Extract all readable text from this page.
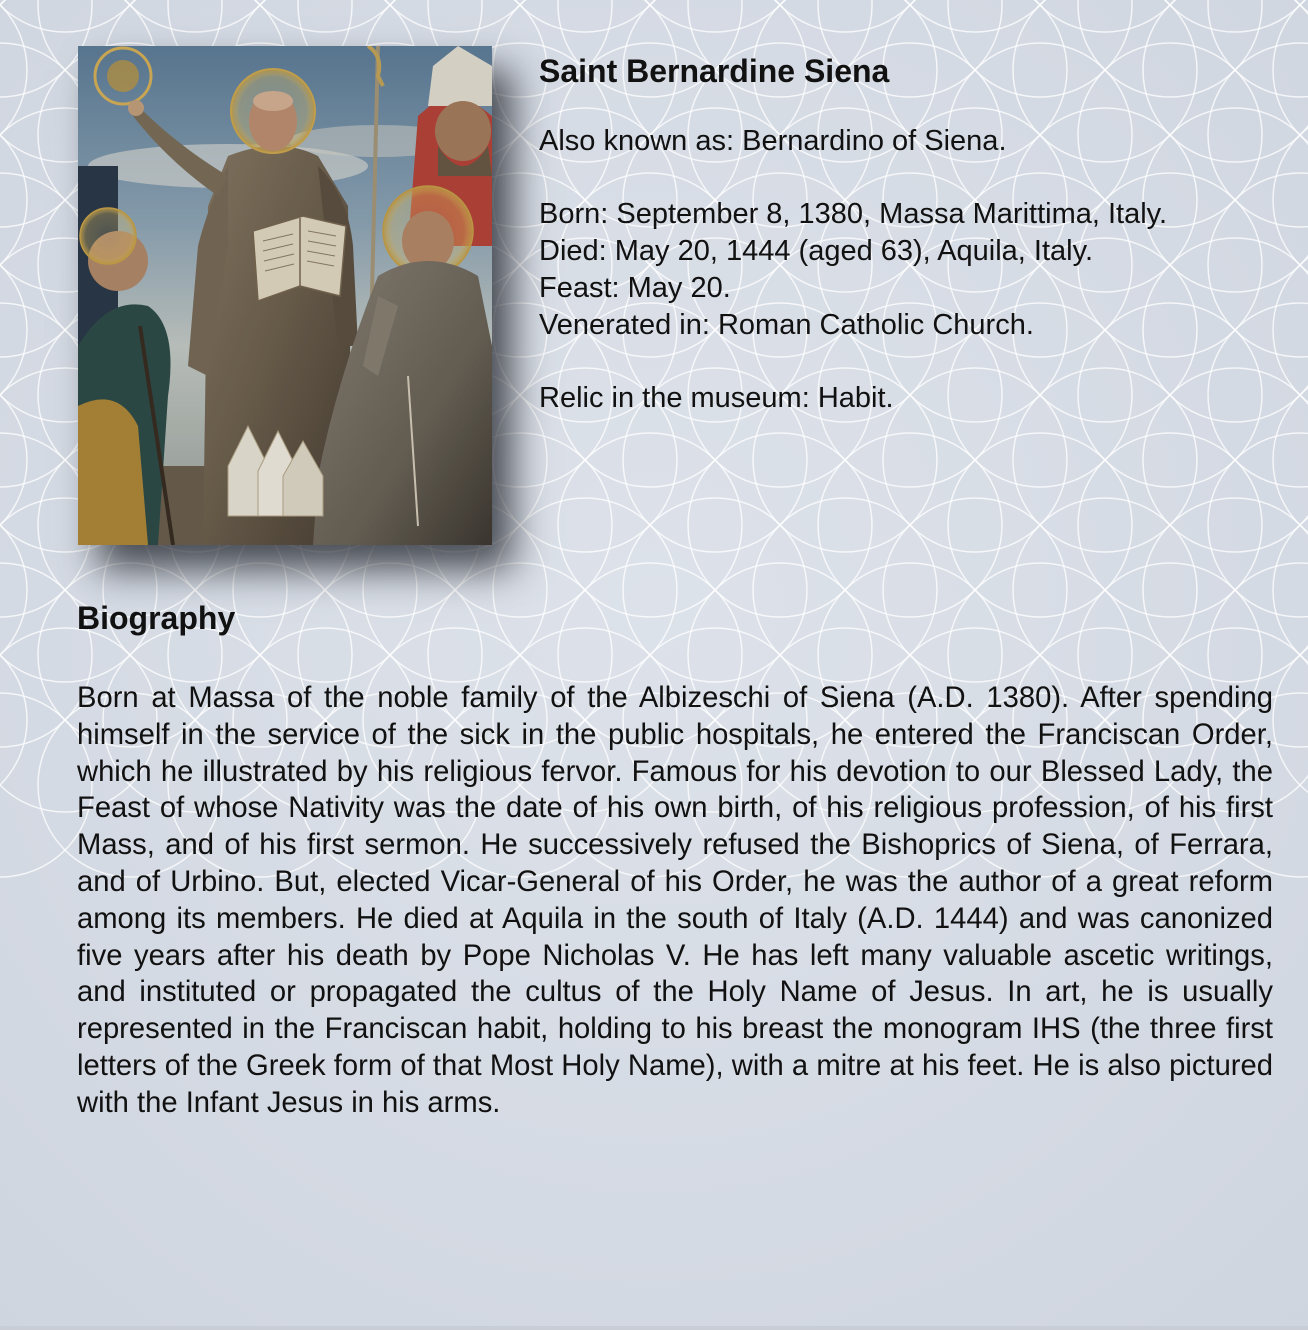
Saint Bernardine Siena

Also known as: Bernardino of Siena.

Born: September 8, 1380, Massa Marittima, Italy.

Died: May 20, 1444 (aged 63), Aquila, Italy.

Feast: May 20.

Venerated in: Roman Catholic Church.

Relic in the museum: Habit.

Biography

Born at Massa of the noble family of the Albizeschi of Siena (A.D. 1380). After spending himself in the service of the sick in the public hospitals, he entered the Franciscan Order, which he illustrated by his religious fervor. Famous for his devotion to our Blessed Lady, the Feast of whose Nativity was the date of his own birth, of his religious profession, of his first Mass, and of his first sermon. He successively refused the Bishoprics of Siena, of Ferrara, and of Urbino. But, elected Vicar-General of his Order, he was the author of a great reform among its members. He died at Aquila in the south of Italy (A.D. 1444) and was canonized five years after his death by Pope Nicholas V. He has left many valuable ascetic writings, and instituted or propagated the cultus of the Holy Name of Jesus. In art, he is usually represented in the Franciscan habit, holding to his breast the monogram IHS (the three first letters of the Greek form of that Most Holy Name), with a mitre at his feet. He is also pictured with the Infant Jesus in his arms.
